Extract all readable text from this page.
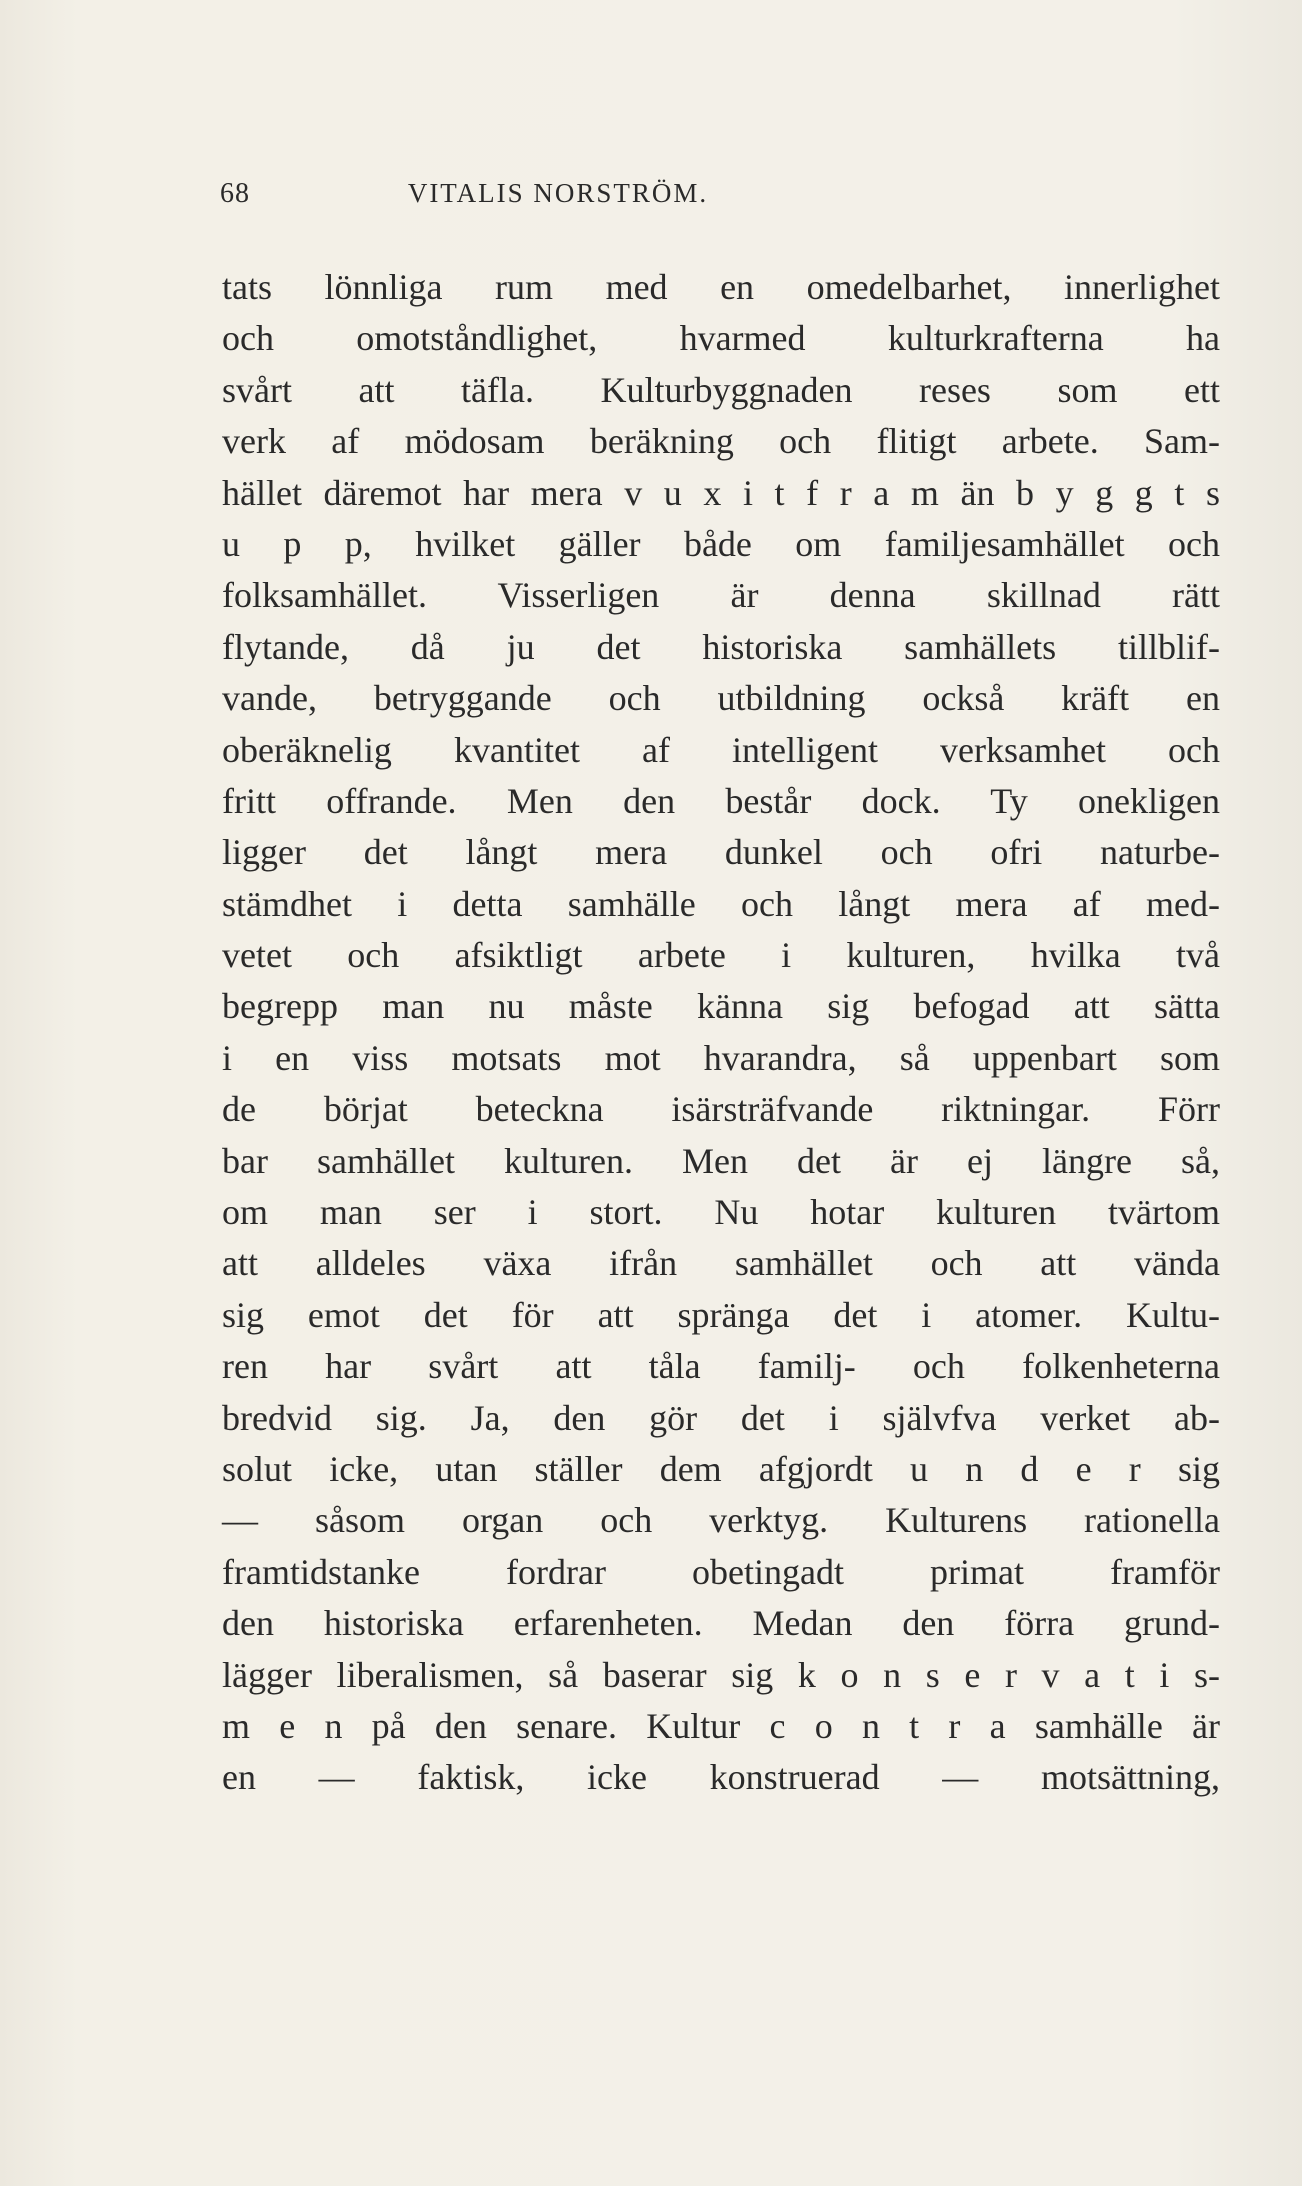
68	VITALIS NORSTRÖM.
tats lönnliga rum med en omedelbarhet, innerlighet
och omotståndlighet, hvarmed kulturkrafterna ha
svårt att täfla. Kulturbyggnaden reses som ett
verk af mödosam beräkning och flitigt arbete. Sam-
hället däremot har mera v u x i t f r a m än b y g g t s
u p p, hvilket gäller både om familjesamhället och
folksamhället. Visserligen är denna skillnad rätt
flytande, då ju det historiska samhällets tillblif-
vande, betryggande och utbildning också kräft en
oberäknelig kvantitet af intelligent verksamhet och
fritt offrande. Men den består dock. Ty onekligen
ligger det långt mera dunkel och ofri naturbe-
stämdhet i detta samhälle och långt mera af med-
vetet och afsiktligt arbete i kulturen, hvilka två
begrepp man nu måste känna sig befogad att sätta
i en viss motsats mot hvarandra, så uppenbart som
de börjat beteckna isärsträfvande riktningar. Förr
bar samhället kulturen. Men det är ej längre så,
om man ser i stort. Nu hotar kulturen tvärtom
att alldeles växa ifrån samhället och att vända
sig emot det för att spränga det i atomer. Kultu-
ren har svårt att tåla familj- och folkenheterna
bredvid sig. Ja, den gör det i självfva verket ab-
solut icke, utan ställer dem afgjordt u n d e r sig
— såsom organ och verktyg. Kulturens rationella
framtidstanke fordrar obetingadt primat framför
den historiska erfarenheten. Medan den förra grund-
lägger liberalismen, så baserar sig k o n s e r v a t i s-
m e n på den senare. Kultur c o n t r a samhälle är
en — faktisk, icke konstruerad — motsättning,
